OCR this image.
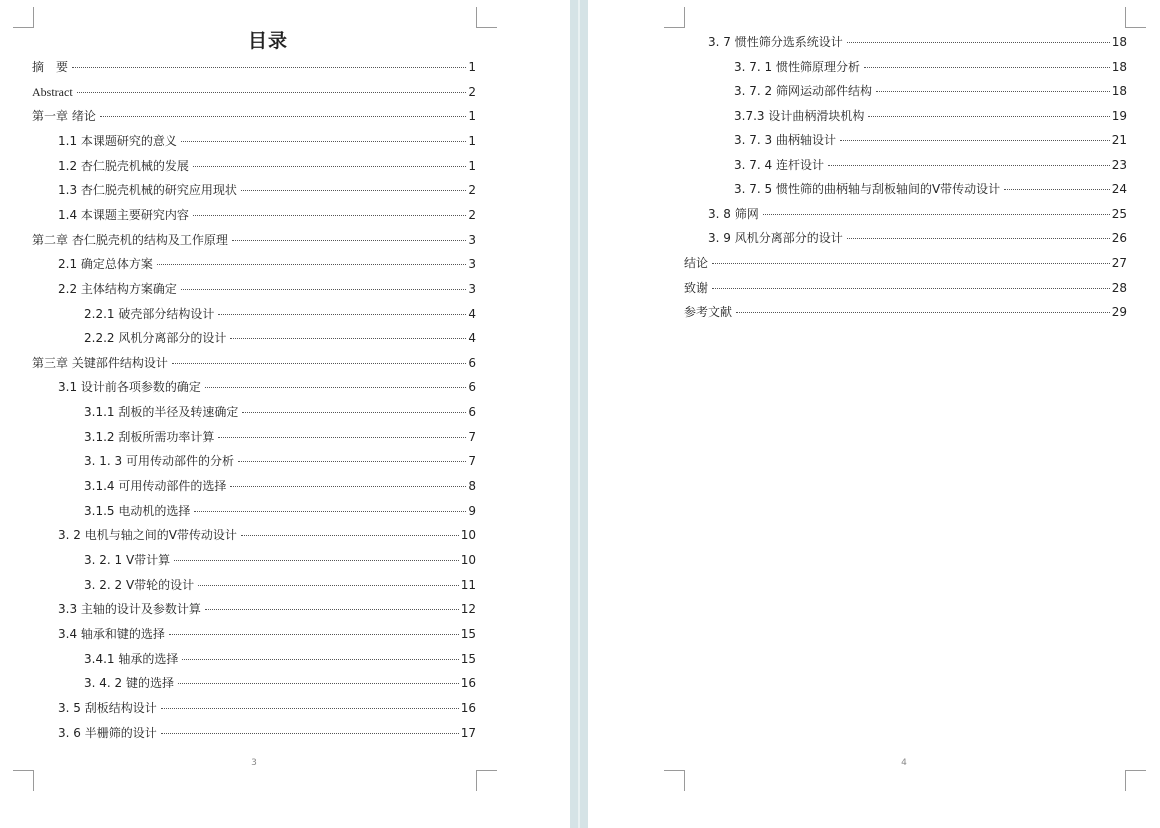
目录
摘　要	1
Abstract	2
第一章 绪论	1
1.1 本课题研究的意义	1
1.2 杏仁脱壳机械的发展	1
1.3 杏仁脱壳机械的研究应用现状	2
1.4 本课题主要研究内容	2
第二章 杏仁脱壳机的结构及工作原理	3
2.1 确定总体方案	3
2.2 主体结构方案确定	3
2.2.1 破壳部分结构设计	4
2.2.2 风机分离部分的设计	4
第三章 关键部件结构设计	6
3.1 设计前各项参数的确定	6
3.1.1 刮板的半径及转速确定	6
3.1.2 刮板所需功率计算	7
3. 1. 3 可用传动部件的分析	7
3.1.4 可用传动部件的选择	8
3.1.5 电动机的选择	9
3. 2 电机与轴之间的V带传动设计	10
3. 2. 1 V带计算	10
3. 2. 2 V带轮的设计	11
3.3 主轴的设计及参数计算	12
3.4 轴承和键的选择	15
3.4.1 轴承的选择	15
3. 4. 2 键的选择	16
3. 5 刮板结构设计	16
3. 6 半栅筛的设计	17
3
3. 7 惯性筛分选系统设计	18
3. 7. 1 惯性筛原理分析	18
3. 7. 2 筛网运动部件结构	18
3.7.3 设计曲柄滑块机构	19
3. 7. 3 曲柄轴设计	21
3. 7. 4 连杆设计	23
3. 7. 5 惯性筛的曲柄轴与刮板轴间的V带传动设计	24
3. 8 筛网	25
3. 9 风机分离部分的设计	26
结论	27
致谢	28
参考文献	29
4
